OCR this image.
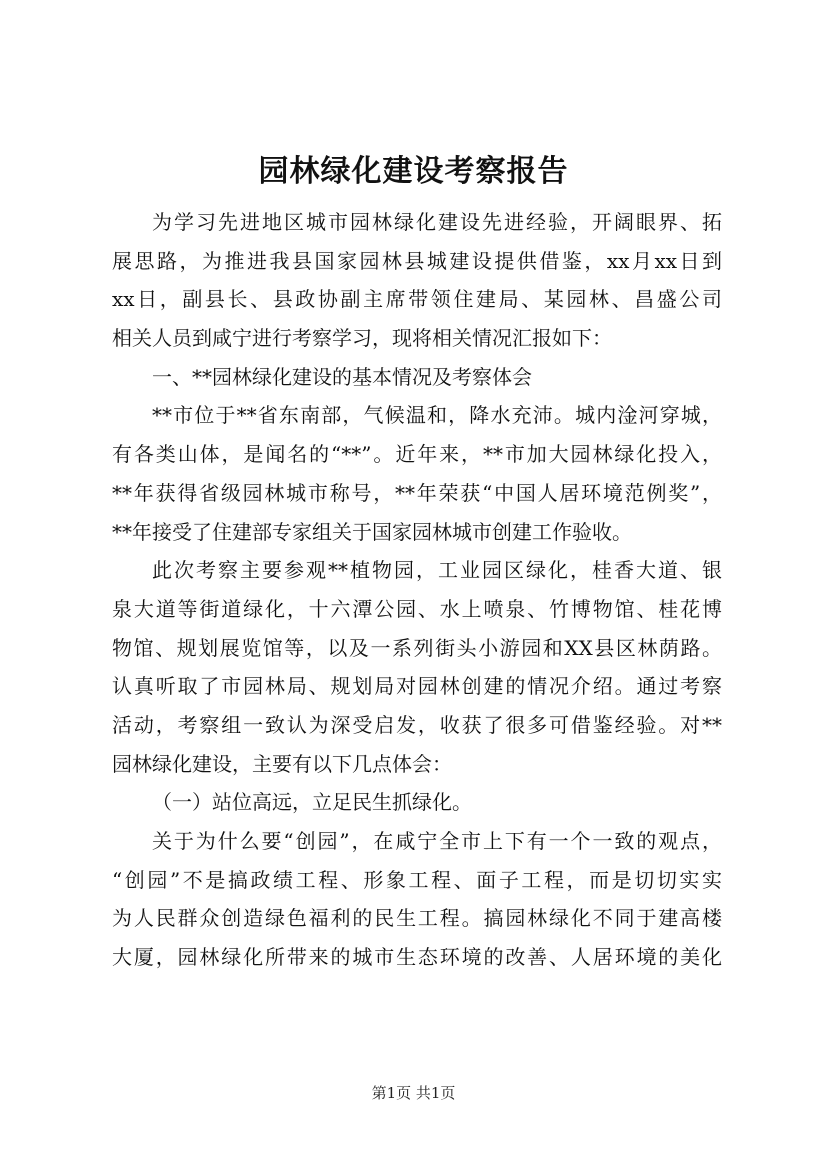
园林绿化建设考察报告
为学习先进地区城市园林绿化建设先进经验，开阔眼界、拓
展思路，为推进我县国家园林县城建设提供借鉴，xx月xx日到
xx日，副县长、县政协副主席带领住建局、某园林、昌盛公司
相关人员到咸宁进行考察学习，现将相关情况汇报如下：
一、**园林绿化建设的基本情况及考察体会
**市位于**省东南部，气候温和，降水充沛。城内淦河穿城，
有各类山体，是闻名的“**”。近年来，**市加大园林绿化投入，
**年获得省级园林城市称号，**年荣获“中国人居环境范例奖”，
**年接受了住建部专家组关于国家园林城市创建工作验收。
此次考察主要参观**植物园，工业园区绿化，桂香大道、银
泉大道等街道绿化，十六潭公园、水上喷泉、竹博物馆、桂花博
物馆、规划展览馆等，以及一系列街头小游园和XX县区林荫路。
认真听取了市园林局、规划局对园林创建的情况介绍。通过考察
活动，考察组一致认为深受启发，收获了很多可借鉴经验。对**
园林绿化建设，主要有以下几点体会：
（一）站位高远，立足民生抓绿化。
关于为什么要“创园”，在咸宁全市上下有一个一致的观点，
“创园”不是搞政绩工程、形象工程、面子工程，而是切切实实
为人民群众创造绿色福利的民生工程。搞园林绿化不同于建高楼
大厦，园林绿化所带来的城市生态环境的改善、人居环境的美化
第1页 共1页
